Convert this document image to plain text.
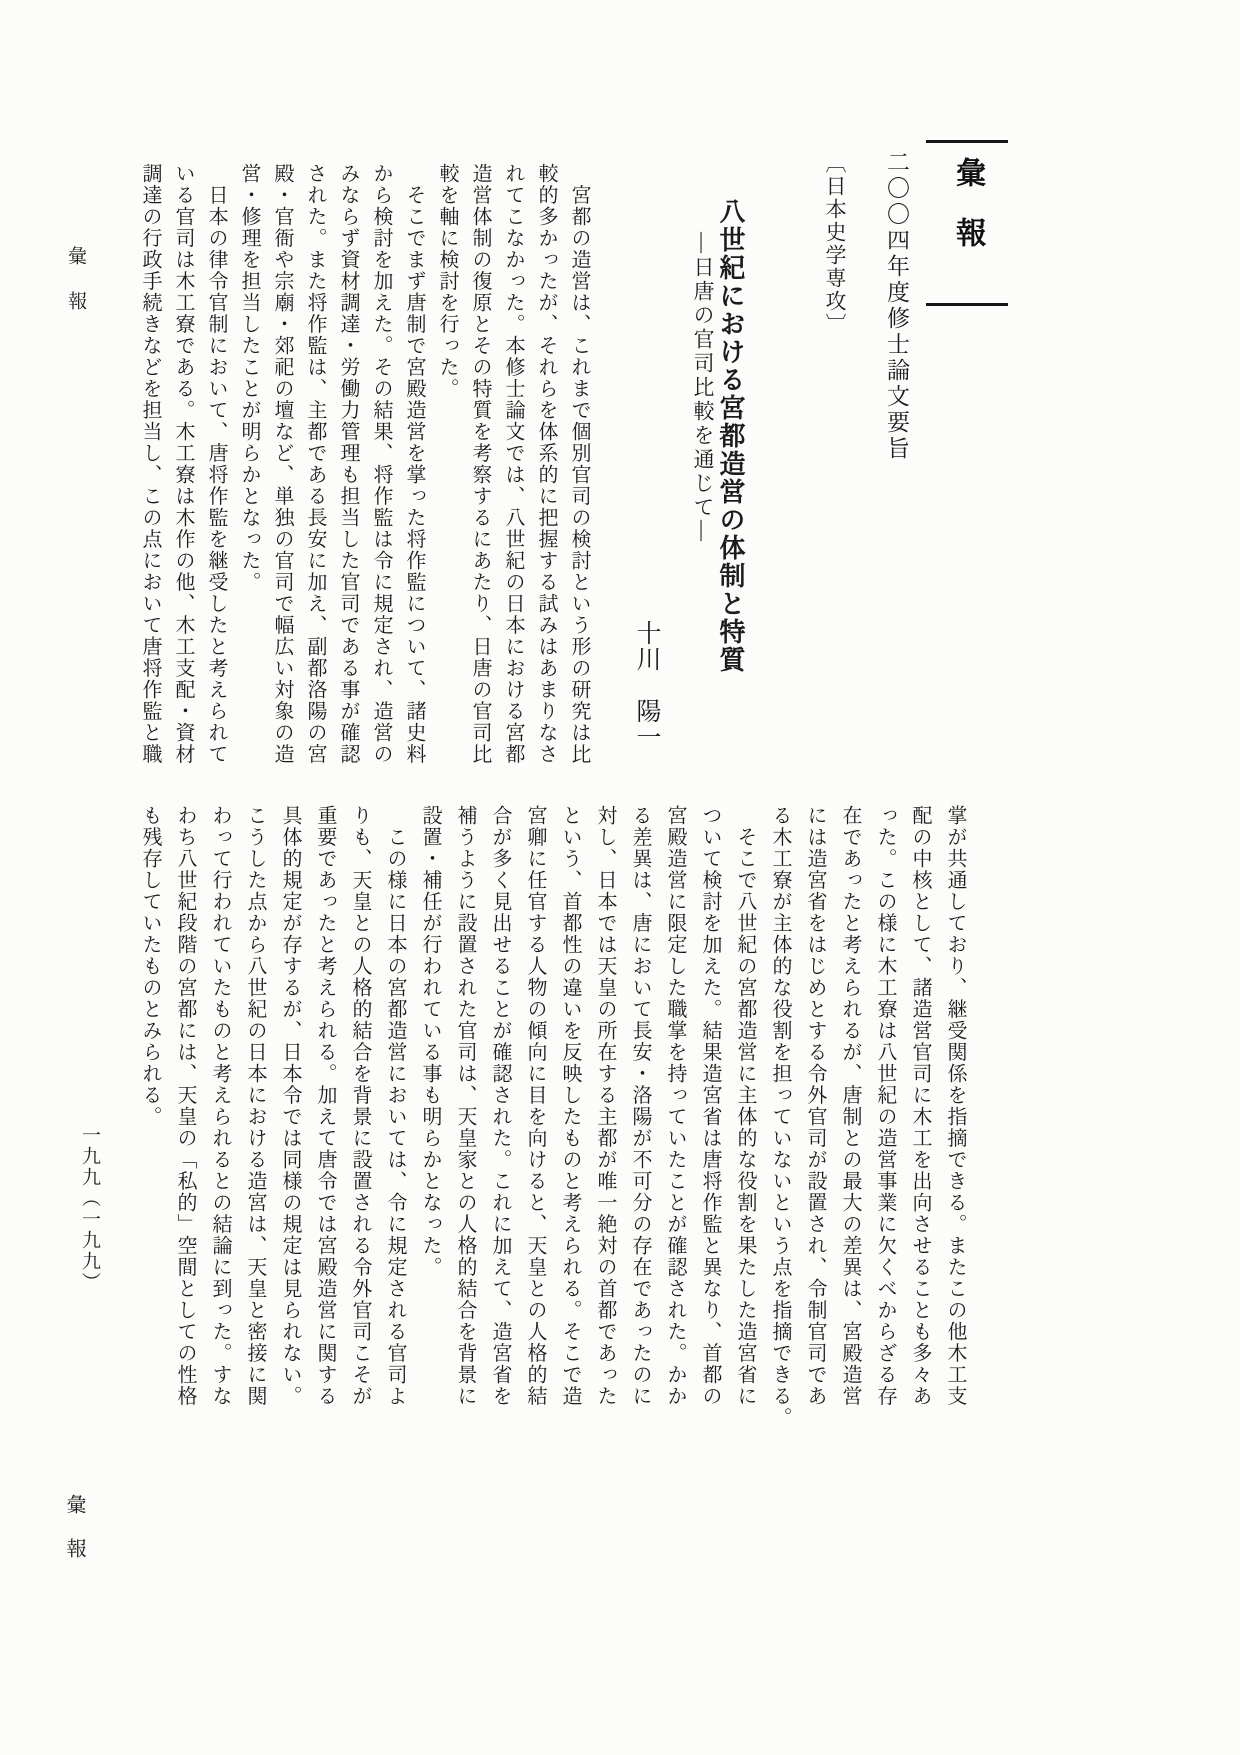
彙報
二〇〇四年度修士論文要旨
〔日本史学専攻〕
八世紀における宮都造営の体制と特質
―日唐の官司比較を通じて―
十川　陽一

　宮都の造営は、これまで個別官司の検討という形の研究は比

較的多かったが、それらを体系的に把握する試みはあまりなさ

れてこなかった。本修士論文では、八世紀の日本における宮都

造営体制の復原とその特質を考察するにあたり、日唐の官司比

較を軸に検討を行った。

　そこでまず唐制で宮殿造営を掌った将作監について、諸史料

から検討を加えた。その結果、将作監は令に規定され、造営の

みならず資材調達・労働力管理も担当した官司である事が確認

された。また将作監は、主都である長安に加え、副都洛陽の宮

殿・官衙や宗廟・郊祀の壇など、単独の官司で幅広い対象の造

営・修理を担当したことが明らかとなった。

　日本の律令官制において、唐将作監を継受したと考えられて

いる官司は木工寮である。木工寮は木作の他、木工支配・資材

調達の行政手続きなどを担当し、この点において唐将作監と職

掌が共通しており、継受関係を指摘できる。またこの他木工支

配の中核として、諸造営官司に木工を出向させることも多々あ

った。この様に木工寮は八世紀の造営事業に欠くべからざる存

在であったと考えられるが、唐制との最大の差異は、宮殿造営

には造宮省をはじめとする令外官司が設置され、令制官司であ

る木工寮が主体的な役割を担っていないという点を指摘できる。

　そこで八世紀の宮都造営に主体的な役割を果たした造宮省に

ついて検討を加えた。結果造宮省は唐将作監と異なり、首都の

宮殿造営に限定した職掌を持っていたことが確認された。かか

る差異は、唐において長安・洛陽が不可分の存在であったのに

対し、日本では天皇の所在する主都が唯一絶対の首都であった

という、首都性の違いを反映したものと考えられる。そこで造

宮卿に任官する人物の傾向に目を向けると、天皇との人格的結

合が多く見出せることが確認された。これに加えて、造宮省を

補うように設置された官司は、天皇家との人格的結合を背景に

設置・補任が行われている事も明らかとなった。

　この様に日本の宮都造営においては、令に規定される官司よ

りも、天皇との人格的結合を背景に設置される令外官司こそが

重要であったと考えられる。加えて唐令では宮殿造営に関する

具体的規定が存するが、日本令では同様の規定は見られない。

こうした点から八世紀の日本における造宮は、天皇と密接に関

わって行われていたものと考えられるとの結論に到った。すな

わち八世紀段階の宮都には、天皇の「私的」空間としての性格

も残存していたものとみられる。

彙報
一九九（一九九）
彙報
